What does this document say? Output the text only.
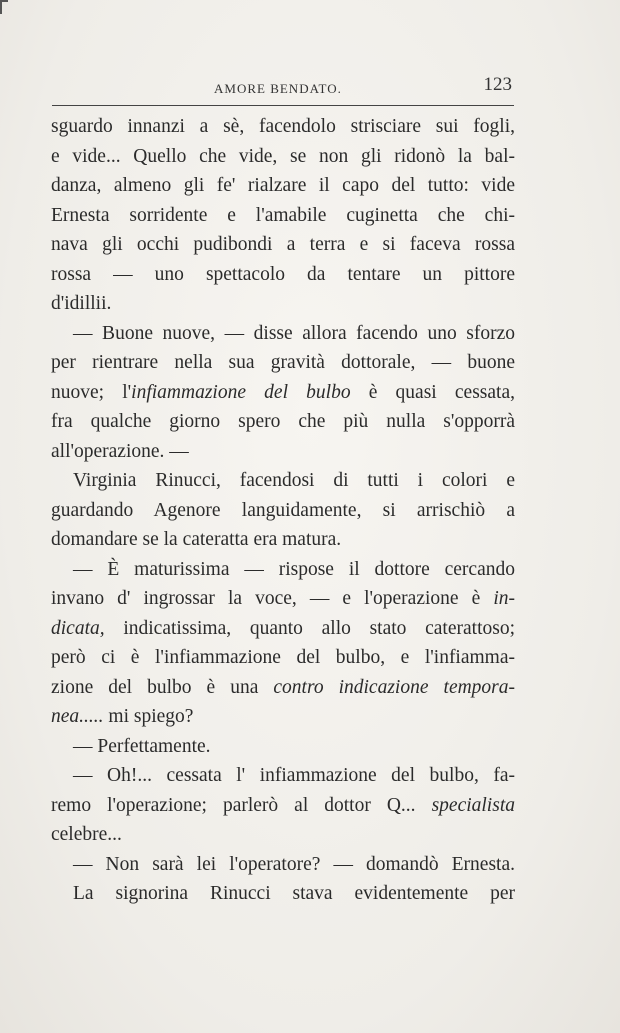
AMORE BENDATO.	123
sguardo innanzi a sè, facendolo strisciare sui fogli,
e vide... Quello che vide, se non gli ridonò la bal-
danza, almeno gli fe' rialzare il capo del tutto: vide
Ernesta sorridente e l'amabile cuginetta che chi-
nava gli occhi pudibondi a terra e si faceva rossa
rossa — uno spettacolo da tentare un pittore
d'idillii.
— Buone nuove, — disse allora facendo uno sforzo
per rientrare nella sua gravità dottorale, — buone
nuove; l'infiammazione del bulbo è quasi cessata,
fra qualche giorno spero che più nulla s'opporrà
all'operazione. —
Virginia Rinucci, facendosi di tutti i colori e
guardando Agenore languidamente, si arrischiò a
domandare se la cateratta era matura.
— È maturissima — rispose il dottore cercando
invano d' ingrossar la voce, — e l'operazione è in-
dicata, indicatissima, quanto allo stato caterattoso;
però ci è l'infiammazione del bulbo, e l'infiamma-
zione del bulbo è una contro indicazione tempora-
nea..... mi spiego?
— Perfettamente.
— Oh!... cessata l' infiammazione del bulbo, fa-
remo l'operazione; parlerò al dottor Q... specialista
celebre...
— Non sarà lei l'operatore? — domandò Ernesta.
La signorina Rinucci stava evidentemente per
